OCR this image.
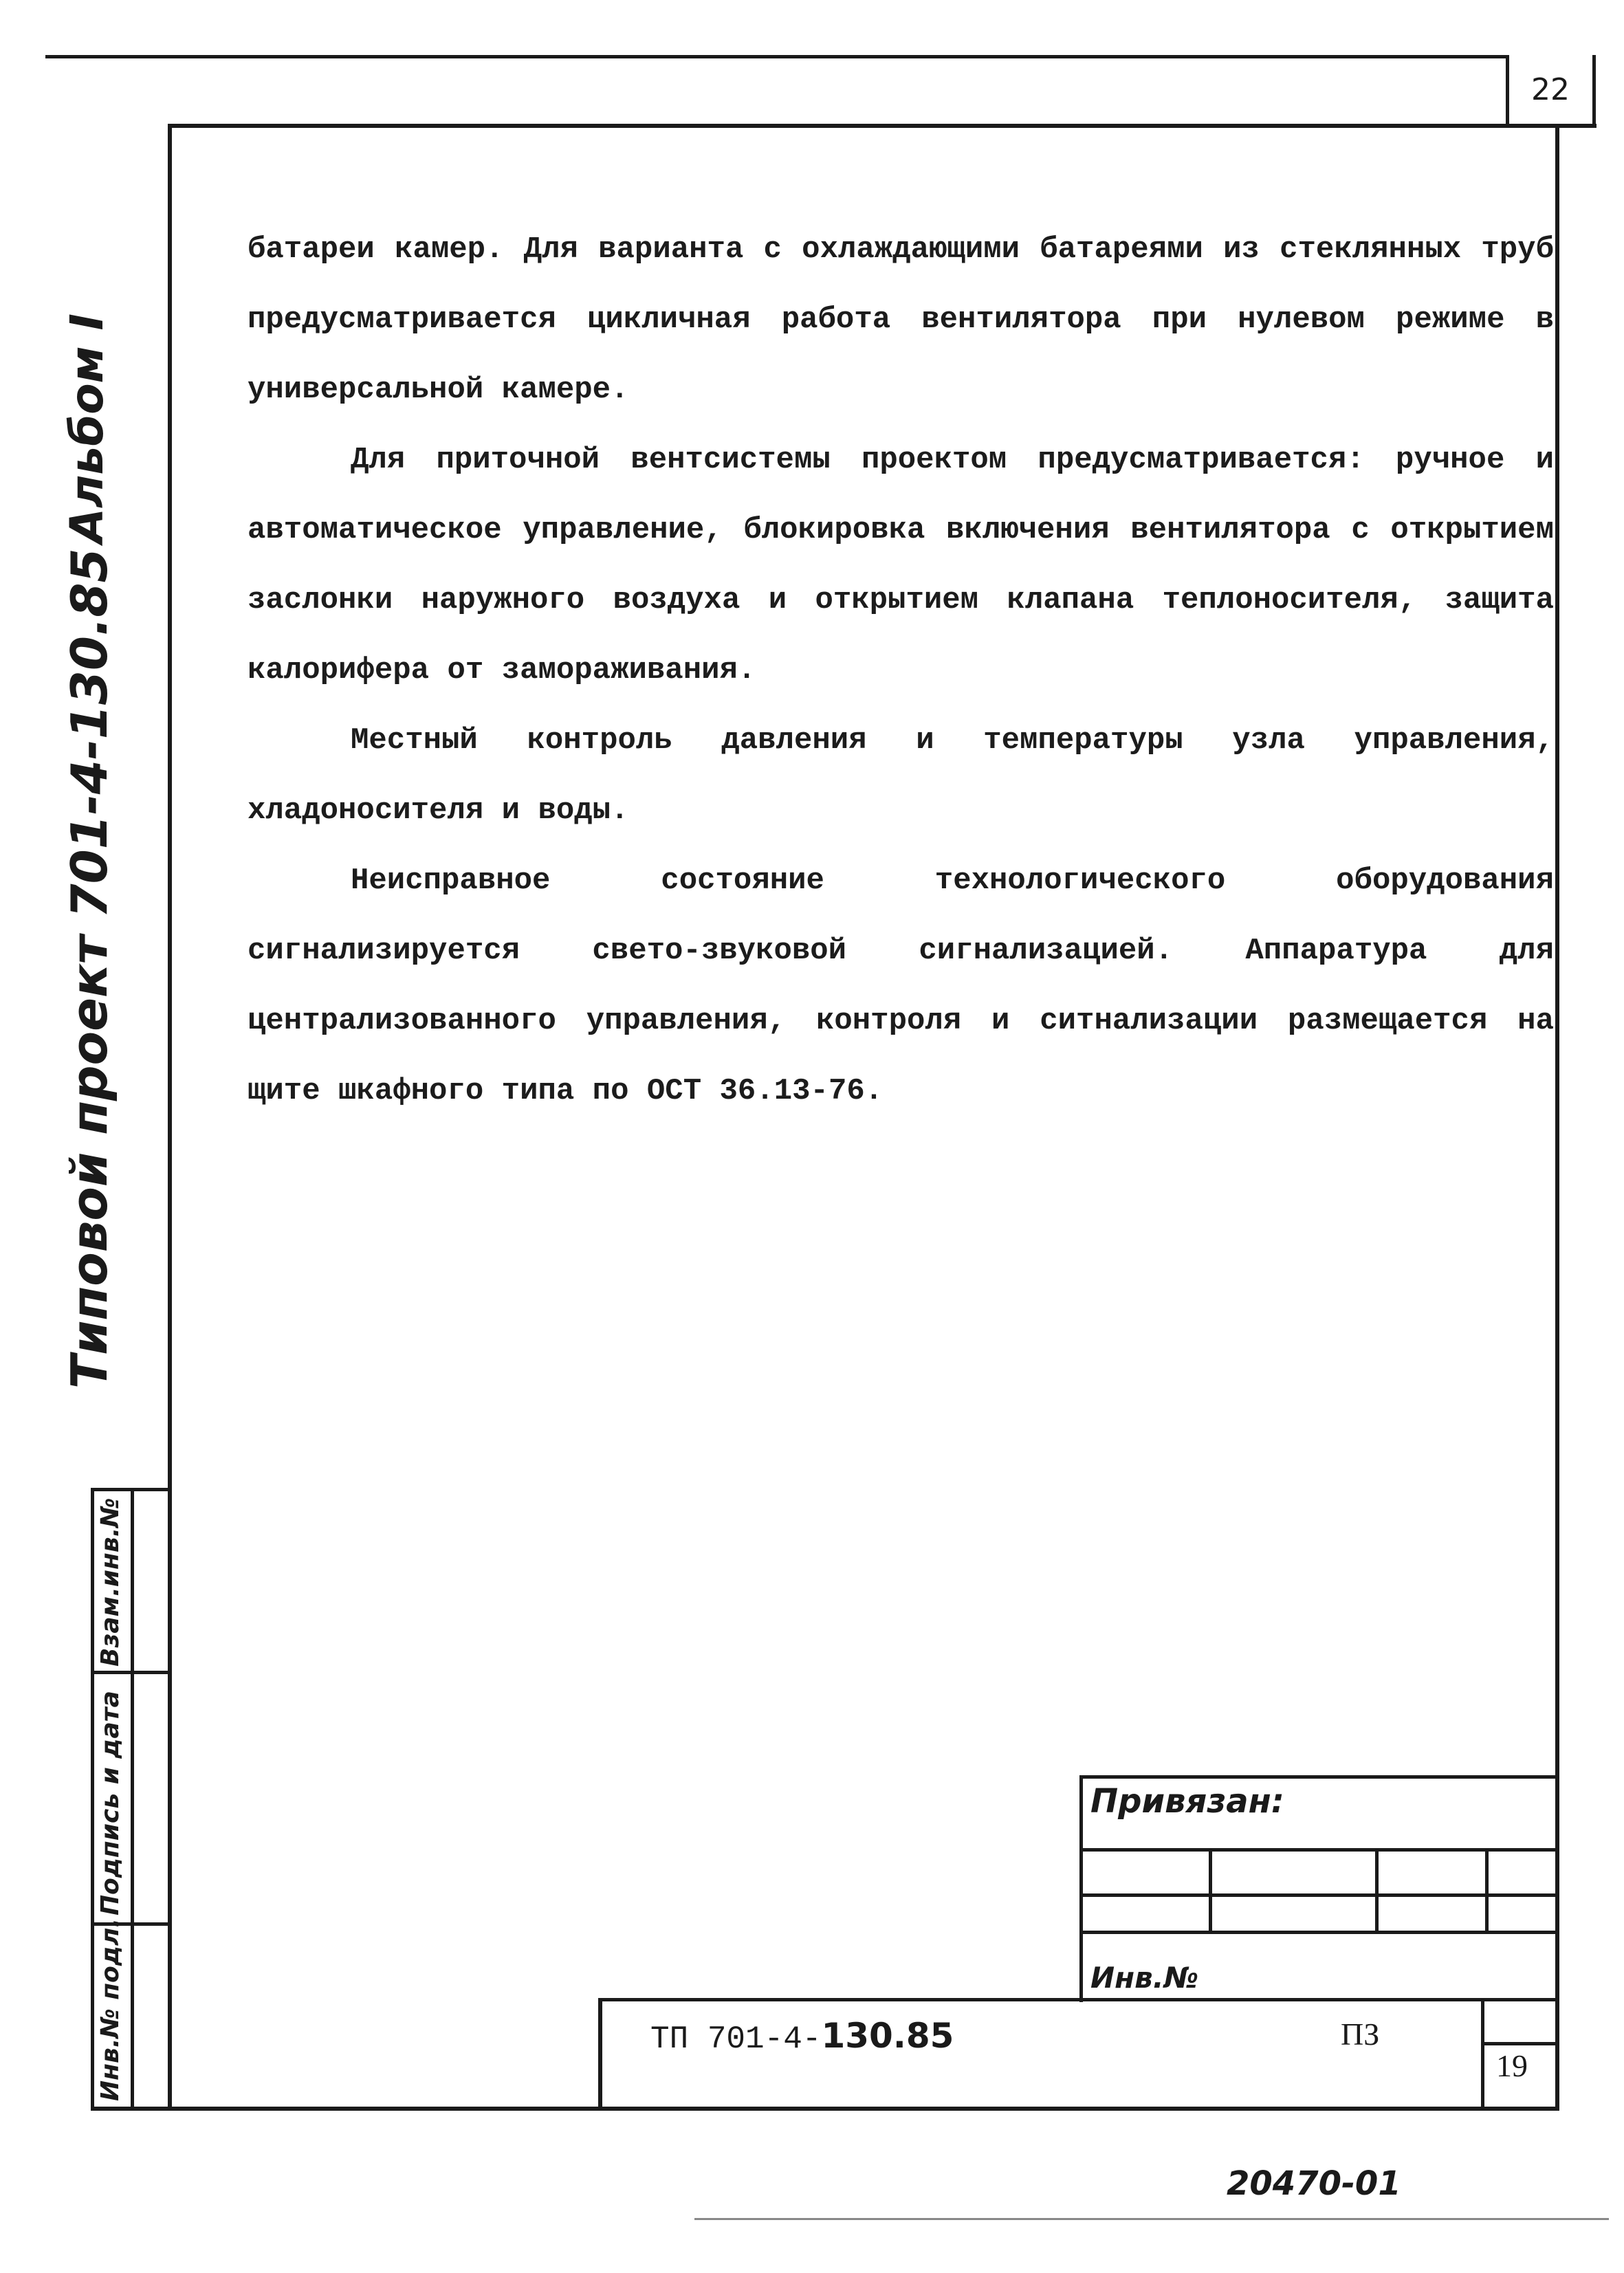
22
Альбом I
Типовой проект 701-4-130.85
Инв.№ подл.
Подпись и дата
Взам.инв.№

батареи камер. Для варианта с охлаждающими батареями из стеклянных труб предусматривается цикличная работа вентилятора при нулевом режиме в универсальной камере.

Для приточной вентсистемы проектом предусматривается: ручное и автоматическое управление, блокировка включения вентилятора с открытием заслонки наружного воздуха и открытием клапана теплоносителя, защита калорифера от замораживания.

Местный контроль давления и температуры узла управления, хладоносителя и воды.

Неисправное состояние технологического оборудования сигнализируется свето-звуковой сигнализацией. Аппаратура для централизованного управления, контроля и ситнализации размещается на щите шкафного типа по ОСТ 36.13-76.

Привязан:
Инв.№
ТП 701-4-130.85	ПЗ
19
20470-01
